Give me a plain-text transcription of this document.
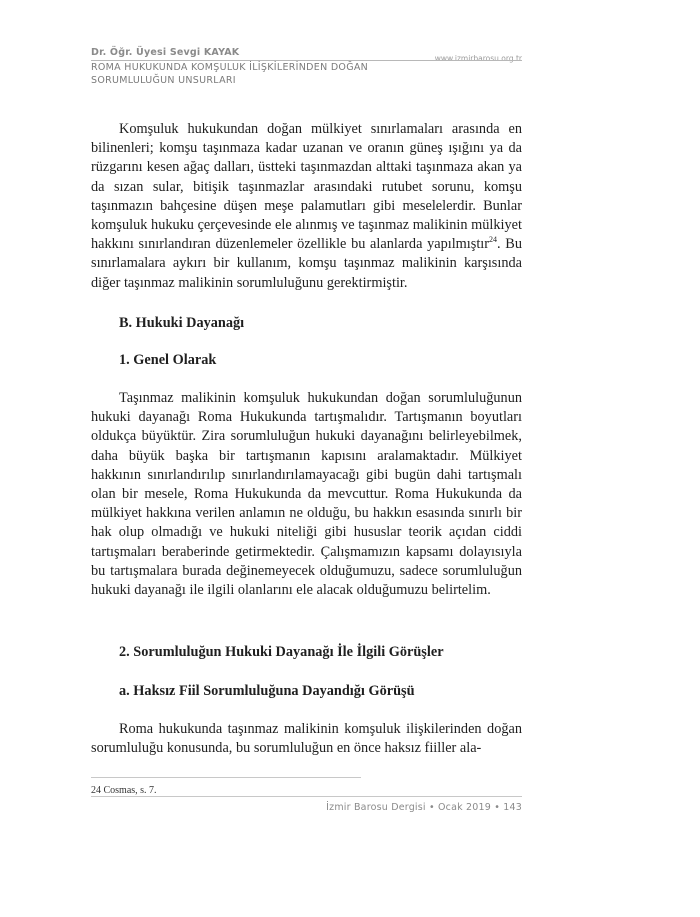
Dr. Öğr. Üyesi Sevgi KAYAK
ROMA HUKUKUNDA KOMŞULUK İLİŞKİLERİNDEN DOĞAN SORUMLULUĞUN UNSURLARI
www.izmirbarosu.org.tr

Komşuluk hukukundan doğan mülkiyet sınırlamaları arasında en bilinenleri; komşu taşınmaza kadar uzanan ve oranın güneş ışığını ya da rüzgarını kesen ağaç dalları, üstteki taşınmazdan alttaki taşınmaza akan ya da sızan sular, bitişik taşınmazlar arasındaki rutubet sorunu, komşu taşınmazın bahçesine düşen meşe palamutları gibi meselelerdir. Bunlar komşuluk hukuku çerçevesinde ele alınmış ve taşınmaz malikinin mülkiyet hakkını sınırlandıran düzenlemeler özellikle bu alanlarda yapılmıştır$^{24}$. Bu sınırlamalara aykırı bir kullanım, komşu taşınmaz malikinin karşısında diğer taşınmaz malikinin sorumluluğunu gerektirmiştir.

B. Hukuki Dayanağı
1. Genel Olarak

Taşınmaz malikinin komşuluk hukukundan doğan sorumluluğunun hukuki dayanağı Roma Hukukunda tartışmalıdır. Tartışmanın boyutları oldukça büyüktür. Zira sorumluluğun hukuki dayanağını belirleyebilmek, daha büyük başka bir tartışmanın kapısını aralamaktadır. Mülkiyet hakkının sınırlandırılıp sınırlandırılamayacağı gibi bugün dahi tartışmalı olan bir mesele, Roma Hukukunda da mevcuttur. Roma Hukukunda da mülkiyet hakkına verilen anlamın ne olduğu, bu hakkın esasında sınırlı bir hak olup olmadığı ve hukuki niteliği gibi hususlar teorik açıdan ciddi tartışmaları beraberinde getirmektedir. Çalışmamızın kapsamı dolayısıyla bu tartışmalara burada değinemeyecek olduğumuzu, sadece sorumluluğun hukuki dayanağı ile ilgili olanlarını ele alacak olduğumuzu belirtelim.

2. Sorumluluğun Hukuki Dayanağı İle İlgili Görüşler
a. Haksız Fiil Sorumluluğuna Dayandığı Görüşü

Roma hukukunda taşınmaz malikinin komşuluk ilişkilerinden doğan sorumluluğu konusunda, bu sorumluluğun en önce haksız fiiller ala-

24 Cosmas, s. 7.
İzmir Barosu Dergisi • Ocak 2019 • 143
